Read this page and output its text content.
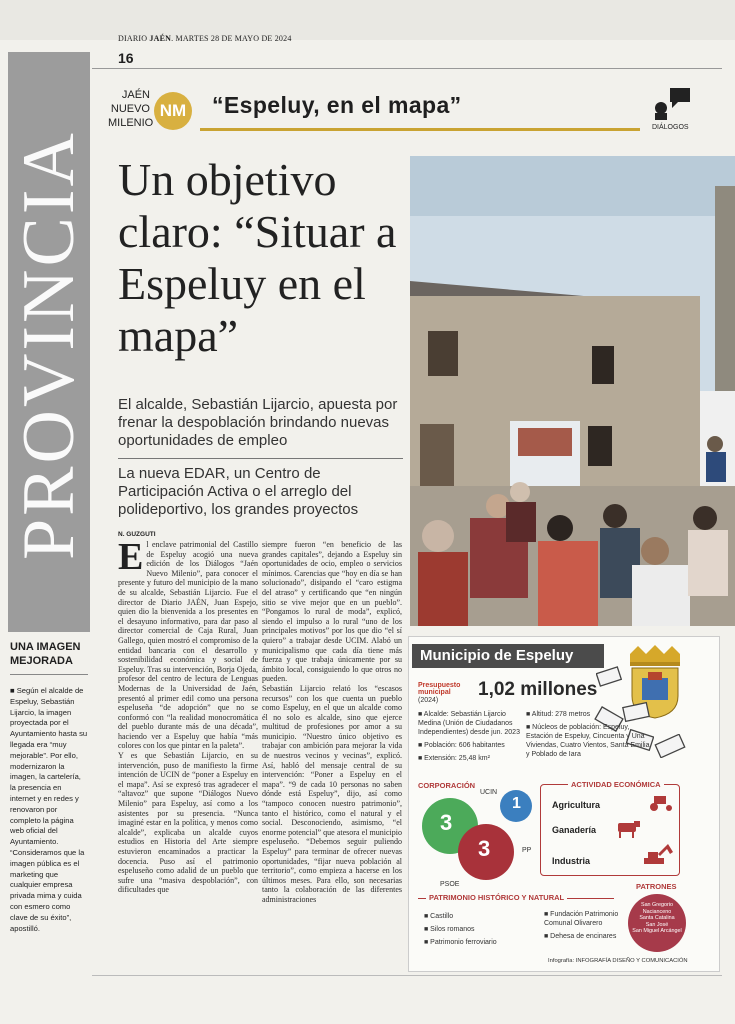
DIARIO JAÉN. MARTES 28 DE MAYO DE 2024
16
PROVINCIA
JAÉN
NUEVO
MILENIO
NM “Espeluy, en el mapa”
DIÁLOGOS
Un objetivo claro: “Situar a Espeluy en el mapa”
El alcalde, Sebastián Lijarcio, apuesta por frenar la despoblación brindando nuevas oportunidades de empleo
La nueva EDAR, un Centro de Participación Activa o el arreglo del polideportivo, los grandes proyectos
N. GUZGUTI
El enclave patrimonial del Castillo de Espeluy acogió una nueva edición de los Diálogos “Jaén Nuevo Milenio”, para conocer el presente y futuro del municipio de la mano de su alcalde, Sebastián Lijarcio. Fue el director de Diario JAÉN, Juan Espejo, quien dio la bienvenida a los presentes en el desayuno informativo, para dar paso al director comercial de Caja Rural, Juan Gallego, quien mostró el compromiso de la entidad bancaria con el desarrollo y sostenibilidad económica y social de Espeluy. Tras su intervención, Borja Ojeda, profesor del centro de lectura de Lenguas Modernas de la Universidad de Jaén, presentó al primer edil como una persona espeluseña “de adopción” que no se conformó con “la realidad monocromática del pueblo durante más de una década”, haciendo ver a Espeluy que había “más colores con los que pintar en la paleta”.
Y es que Sebastián Lijarcio, en su intervención, puso de manifiesto la firme intención de UCIN de “poner a Espeluy en el mapa”. Así se expresó tras agradecer el “altavoz” que supone “Diálogos Nuevo Milenio” para Espeluy, así como a los asistentes por su presencia. “Nunca imaginé estar en la política, y menos como alcalde”, explicaba un alcalde cuyos estudios en Historia del Arte siempre estuvieron encaminados a practicar la docencia. Puso así el patrimonio espeluseño como adalid de un pueblo que sufre una “masiva despoblación”, con dificultades que
siempre fueron “en beneficio de las grandes capitales”, dejando a Espeluy sin oportunidades de ocio, empleo o servicios mínimos. Carencias que “hoy en día se han solucionado”, disipando el “caro estigma del atraso” y certificando que “en ningún sitio se vive mejor que en un pueblo”. “Pongamos lo rural de moda”, explicó, siendo el impulso a lo rural “uno de los principales motivos” por los que dio “el sí quiero” a trabajar desde UCIM. Alabó un municipalismo que cada día tiene más fuerza y que trabaja únicamente por su ámbito local, consiguiendo lo que otros no pueden.
Sebastián Lijarcio relató los “escasos recursos” con los que cuenta un pueblo como Espeluy, en el que un alcalde como él no solo es alcalde, sino que ejerce multitud de profesiones por amor a su municipio. “Nuestro único objetivo es trabajar con ambición para mejorar la vida de nuestros vecinos y vecinas”, explicó. Así, habló del mensaje central de su intervención: “Poner a Espeluy en el mapa”. “9 de cada 10 personas no saben dónde está Espeluy”, dijo, así como “tampoco conocen nuestro patrimonio”, tanto el histórico, como el natural y el social. Desconociendo, asimismo, “el enorme potencial” que atesora el municipio espeluseño. “Debemos seguir puliendo Espeluy” para terminar de ofrecer nuevas oportunidades, “fijar nueva población al territorio”, como empieza a hacerse en los últimos meses. Para ello, son necesarias tanto la colaboración de las diferentes administraciones
UNA IMAGEN MEJORADA
■ Según el alcalde de Espeluy, Sebastián Lijarcio, la imagen proyectada por el Ayuntamiento hasta su llegada era “muy mejorable”. Por ello, modernizaron la imagen, la cartelería, la presencia en internet y en redes y renovaron por completo la página web oficial del Ayuntamiento. “Consideramos que la imagen pública es el marketing que cualquier empresa privada mima y cuida con esmero como clave de su éxito”, apostilló.
Municipio de Espeluy
Presupuesto municipal
(2024)
1,02 millones
■ Alcalde: Sebastián Lijarcio Medina (Unión de Ciudadanos Independientes) desde jun. 2023
■ Población: 606 habitantes
■ Extensión: 25,48 km²
■ Altitud: 278 metros
■ Núcleos de población: Espeluy, Estación de Espeluy, Cincuenta y Una Viviendas, Cuatro Vientos, Santa Emilia y Poblado de Iara
CORPORACIÓN
3
3
1
UCIN
PSOE
PP
ACTIVIDAD ECONÓMICA
Agricultura
Ganadería
Industria
PATRIMONIO HISTÓRICO Y NATURAL
■ Castillo
■ Silos romanos
■ Patrimonio ferroviario
■ Fundación Patrimonio Comunal Olivarero
■ Dehesa de encinares
PATRONES
San Gregorio Nacianceno
Santa Catalina
San José
San Miguel Arcángel
Infografía: INFOGRAFÍA DISEÑO Y COMUNICACIÓN
